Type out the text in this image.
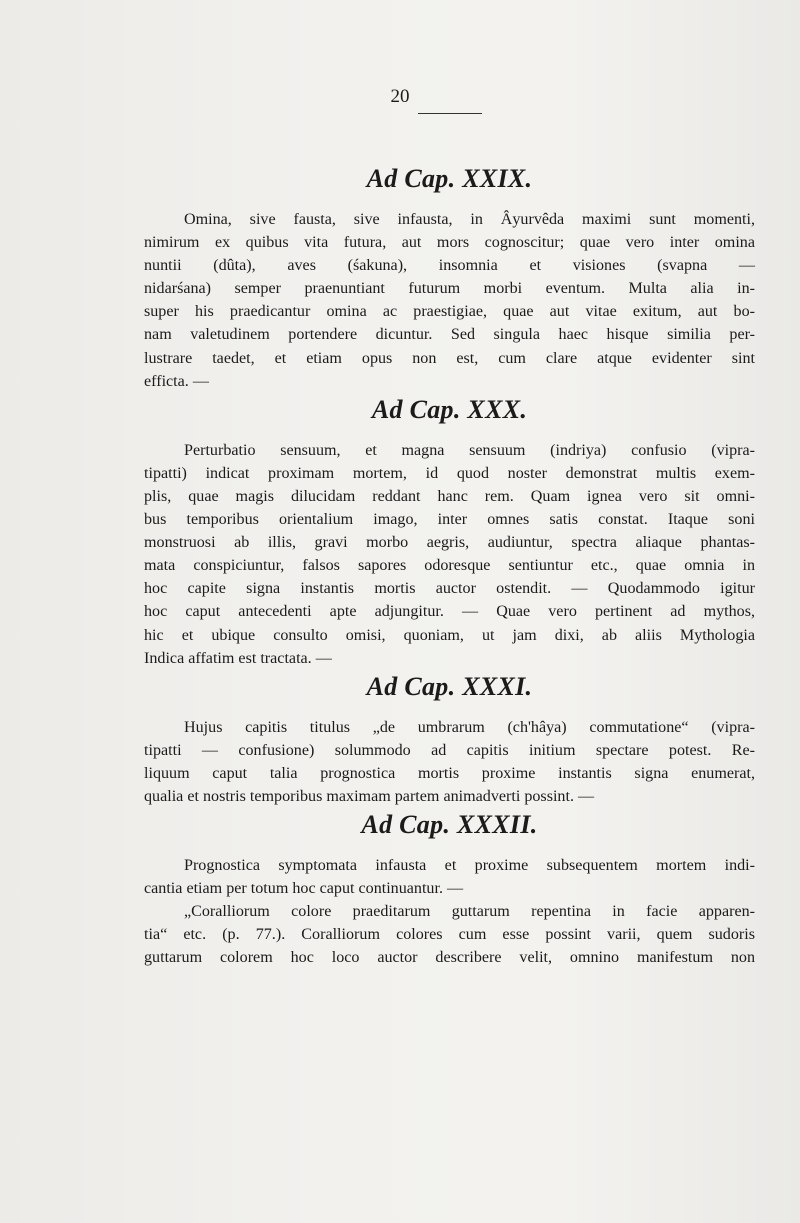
20
Ad Cap. XXIX.
Omina, sive fausta, sive infausta, in Âyurvêda maximi sunt momenti,
nimirum ex quibus vita futura, aut mors cognoscitur; quae vero inter omina
nuntii (dûta), aves (śakuna), insomnia et visiones (svapna —
nidarśana) semper praenuntiant futurum morbi eventum. Multa alia in-
super his praedicantur omina ac praestigiae, quae aut vitae exitum, aut bo-
nam valetudinem portendere dicuntur. Sed singula haec hisque similia per-
lustrare taedet, et etiam opus non est, cum clare atque evidenter sint
efficta. —
Ad Cap. XXX.
Perturbatio sensuum, et magna sensuum (indriya) confusio (vipra-
tipatti) indicat proximam mortem, id quod noster demonstrat multis exem-
plis, quae magis dilucidam reddant hanc rem. Quam ignea vero sit omni-
bus temporibus orientalium imago, inter omnes satis constat. Itaque soni
monstruosi ab illis, gravi morbo aegris, audiuntur, spectra aliaque phantas-
mata conspiciuntur, falsos sapores odoresque sentiuntur etc., quae omnia in
hoc capite signa instantis mortis auctor ostendit. — Quodammodo igitur
hoc caput antecedenti apte adjungitur. — Quae vero pertinent ad mythos,
hic et ubique consulto omisi, quoniam, ut jam dixi, ab aliis Mythologia
Indica affatim est tractata. —
Ad Cap. XXXI.
Hujus capitis titulus „de umbrarum (ch'hâya) commutatione“ (vipra-
tipatti — confusione) solummodo ad capitis initium spectare potest. Re-
liquum caput talia prognostica mortis proxime instantis signa enumerat,
qualia et nostris temporibus maximam partem animadverti possint. —
Ad Cap. XXXII.
Prognostica symptomata infausta et proxime subsequentem mortem indi-
cantia etiam per totum hoc caput continuantur. —
„Coralliorum colore praeditarum guttarum repentina in facie apparen-
tia“ etc. (p. 77.). Coralliorum colores cum esse possint varii, quem sudoris
guttarum colorem hoc loco auctor describere velit, omnino manifestum non
